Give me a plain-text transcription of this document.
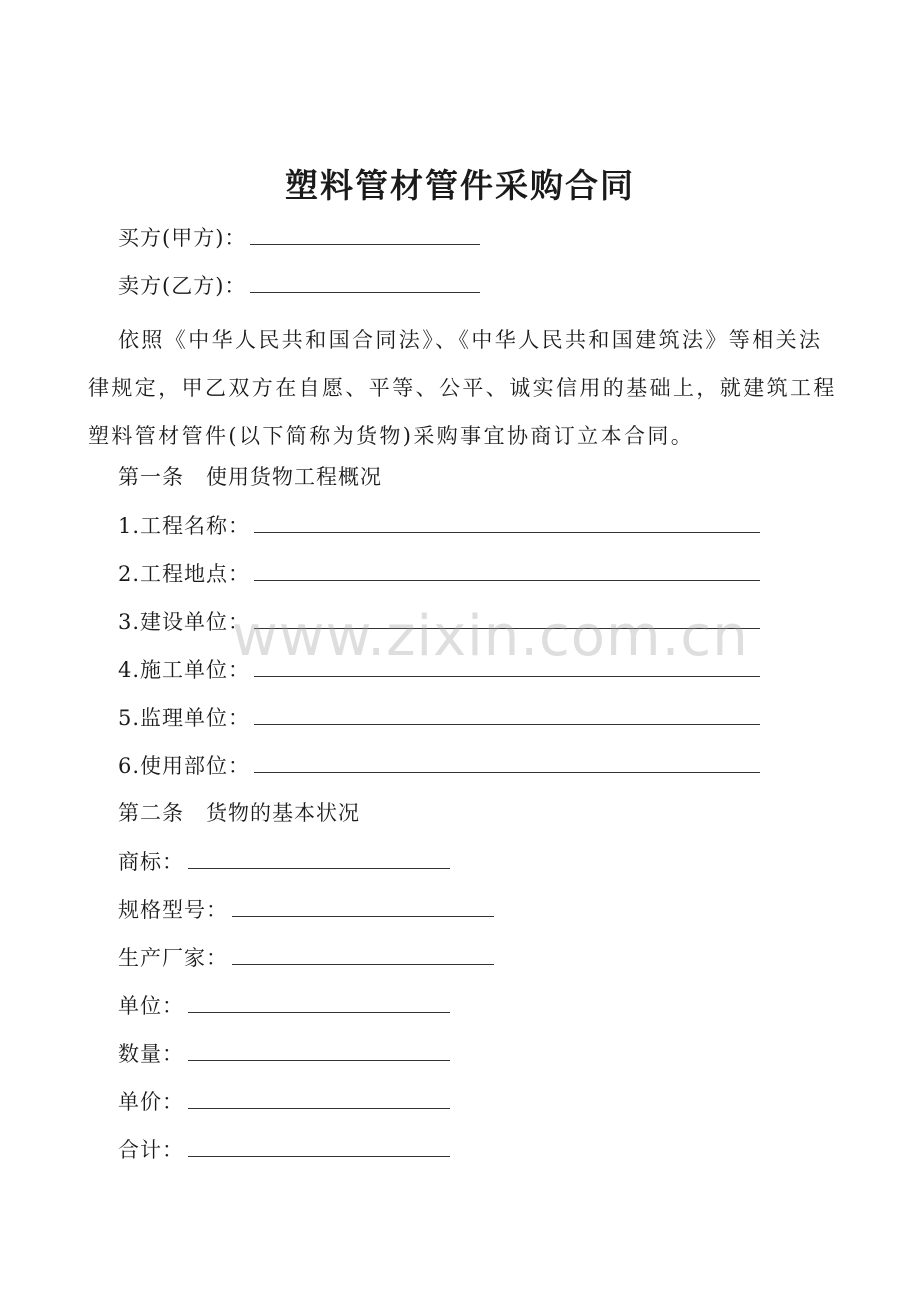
塑料管材管件采购合同
买方(甲方)：
卖方(乙方)：
依照《中华人民共和国合同法》、《中华人民共和国建筑法》等相关法律规定，甲乙双方在自愿、平等、公平、诚实信用的基础上，就建筑工程塑料管材管件(以下简称为货物)采购事宜协商订立本合同。
第一条　使用货物工程概况
1.工程名称：
2.工程地点：
3.建设单位：
4.施工单位：
5.监理单位：
6.使用部位：
第二条　货物的基本状况
商标：
规格型号：
生产厂家：
单位：
数量：
单价：
合计：
www.zixin.com.cn
